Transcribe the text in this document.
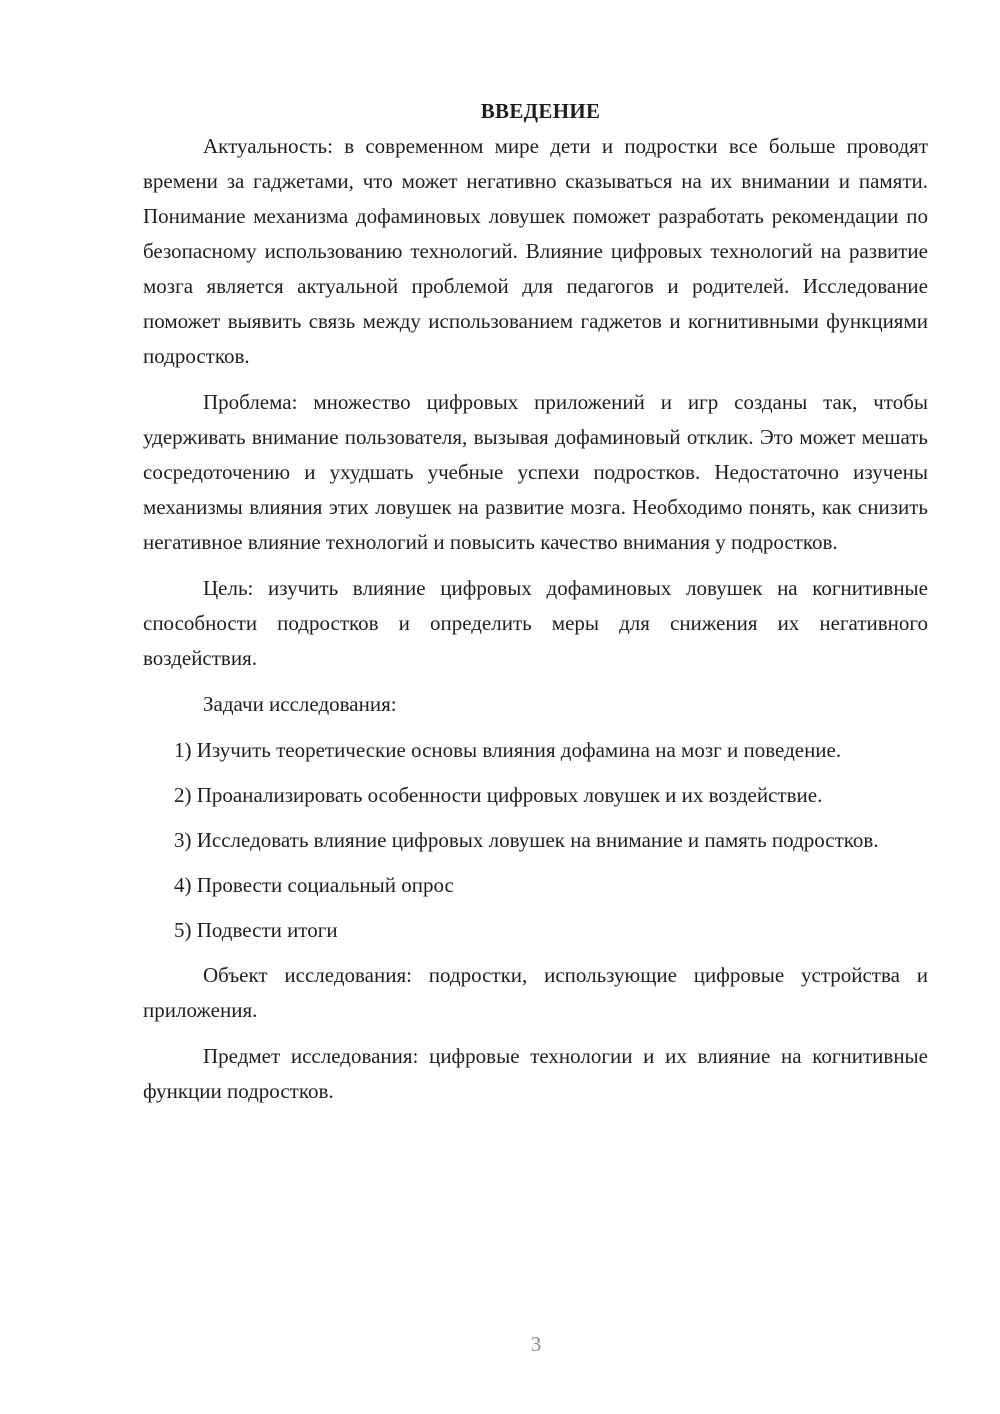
ВВЕДЕНИЕ

Актуальность: в современном мире дети и подростки все больше проводят времени за гаджетами, что может негативно сказываться на их внимании и памяти. Понимание механизма дофаминовых ловушек поможет разработать рекомендации по безопасному использованию технологий. Влияние цифровых технологий на развитие мозга является актуальной проблемой для педагогов и родителей. Исследование поможет выявить связь между использованием гаджетов и когнитивными функциями подростков.

Проблема: множество цифровых приложений и игр созданы так, чтобы удерживать внимание пользователя, вызывая дофаминовый отклик. Это может мешать сосредоточению и ухудшать учебные успехи подростков. Недостаточно изучены механизмы влияния этих ловушек на развитие мозга. Необходимо понять, как снизить негативное влияние технологий и повысить качество внимания у подростков.

Цель: изучить влияние цифровых дофаминовых ловушек на когнитивные способности подростков и определить меры для снижения их негативного воздействия.

Задачи исследования:

1) Изучить теоретические основы влияния дофамина на мозг и поведение.

2) Проанализировать особенности цифровых ловушек и их воздействие.

3) Исследовать влияние цифровых ловушек на внимание и память подростков.

4) Провести социальный опрос

5) Подвести итоги

Объект исследования: подростки, использующие цифровые устройства и приложения.

Предмет исследования: цифровые технологии и их влияние на когнитивные функции подростков.

3
